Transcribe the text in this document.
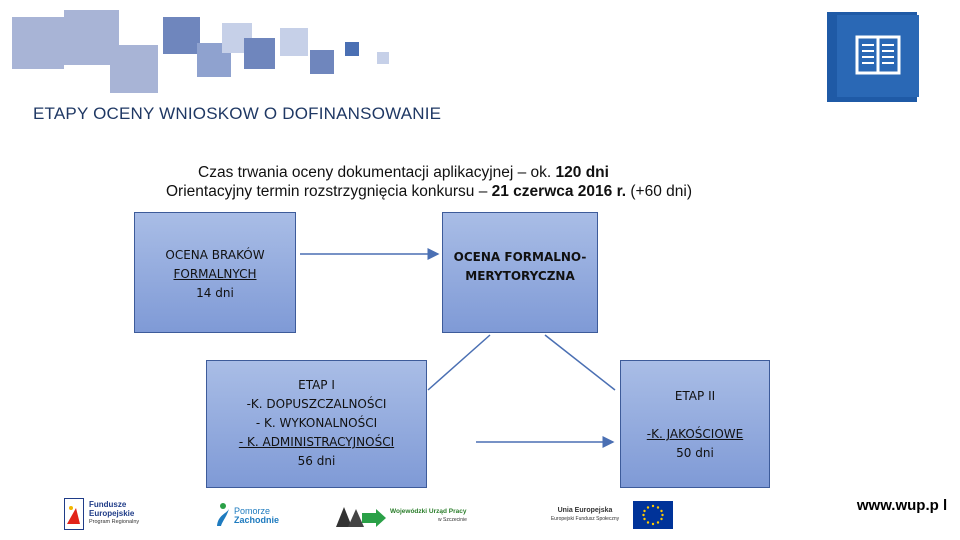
ETAPY OCENY WNIOSKOW O DOFINANSOWANIE
Czas trwania oceny dokumentacji aplikacyjnej – ok. 120 dni
Orientacyjny termin rozstrzygnięcia konkursu – 21 czerwca 2016 r. (+60 dni)
OCENA BRAKÓW
FORMALNYCH
14 dni
OCENA FORMALNO-
MERYTORYCZNA
ETAP I
-K. DOPUSZCZALNOŚCI
- K. WYKONALNOŚCI
- K. ADMINISTRACYJNOŚCI
56 dni
ETAP II
-K. JAKOŚCIOWE
50 dni
Fundusze
Europejskie
Program Regionalny
Pomorze
Zachodnie
Wojewódzki Urząd Pracy
w Szczecinie
Unia Europejska
Europejski Fundusz Społeczny
www.wup.p l
